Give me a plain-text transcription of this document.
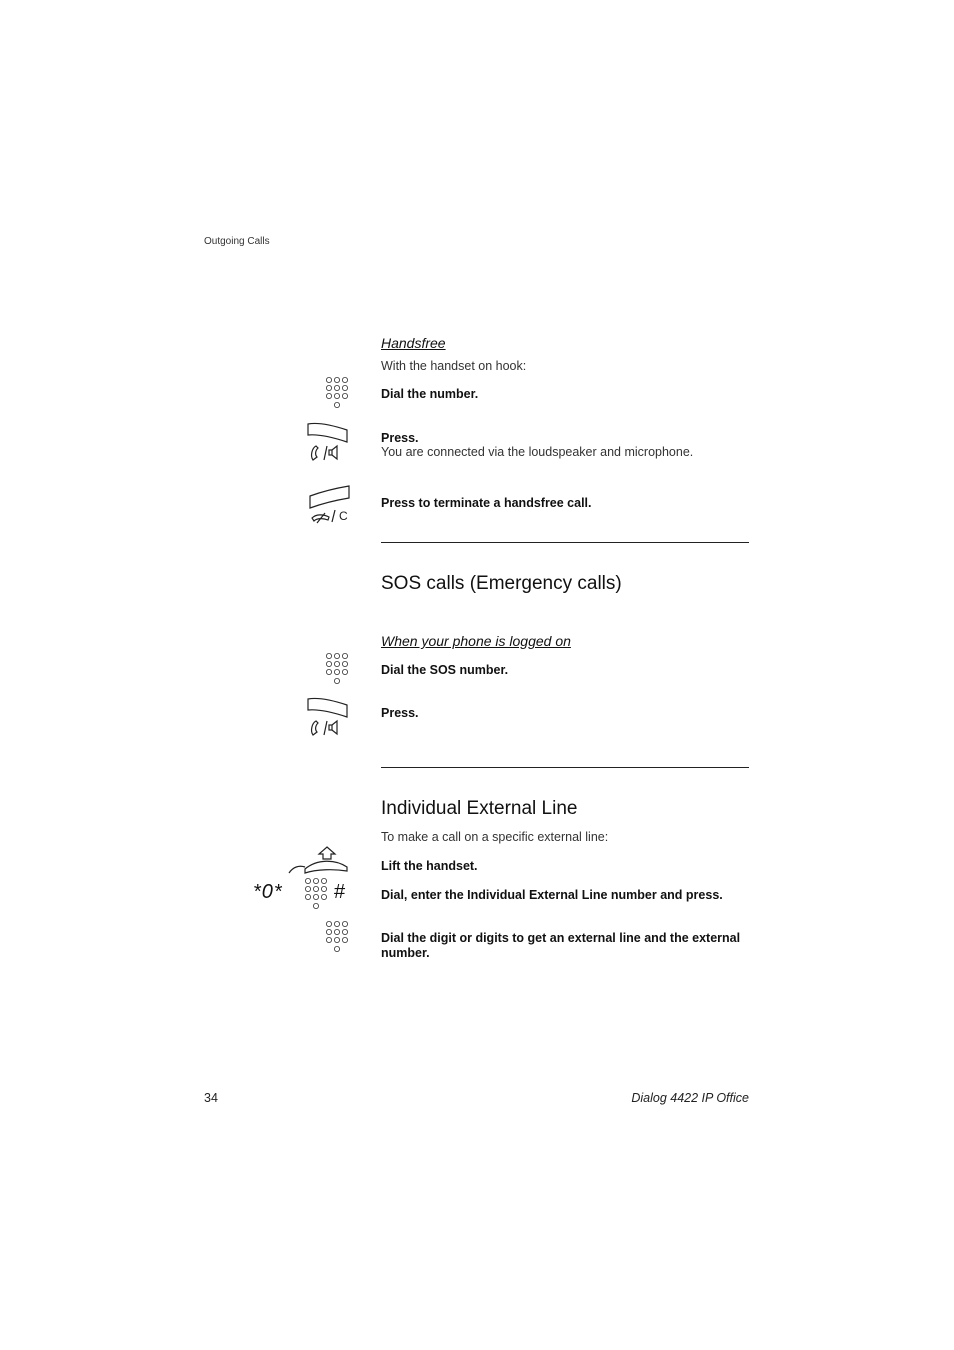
Outgoing Calls
Handsfree
With the handset on hook:
Dial the number.
Press.
You are connected via the loudspeaker and microphone.
C
Press to terminate a handsfree call.
SOS calls (Emergency calls)
When your phone is logged on
Dial the SOS number.
Press.
Individual External Line
To make a call on a specific external line:
Lift the handset.
*0*	#	Dial, enter the Individual External Line number and press.
Dial the digit or digits to get an external line and the external number.
34	Dialog 4422 IP Office
